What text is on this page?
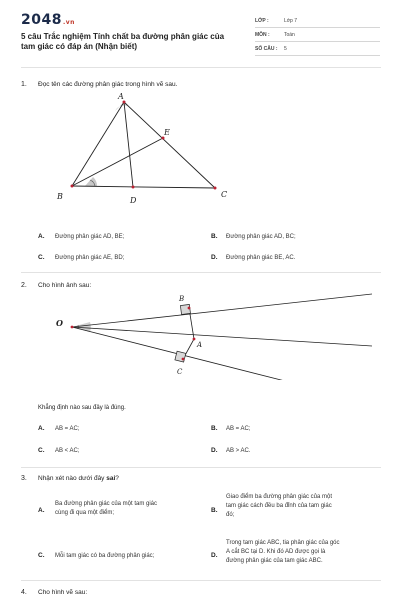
2048.vn
5 câu Trắc nghiệm Tính chất ba đường phân giác của tam giác có đáp án (Nhận biết)
LỚP :	Lớp 7
MÔN :	Toán
SỐ CÂU : 5
1. Đọc tên các đường phân giác trong hình vẽ sau.
A
B	C
D
E
A. Đường phân giác AD, BE;	B. Đường phân giác AD, BC;
C. Đường phân giác AE, BD;	D. Đường phân giác BE, AC.
2. Cho hình ảnh sau:
O
B
A
C
Khẳng định nào sau đây là đúng.
A. AB = AC;	B. AB = AC;
C. AB < AC;	D. AB > AC.
3. Nhận xét nào dưới đây sai?
A.
Ba đường phân giác của một tam giác
cùng đi qua một điểm;	B.
Giao điểm ba đường phân giác của một
tam giác cách đều ba đỉnh của tam giác
đó;
C. Mỗi tam giác có ba đường phân giác;	D.
Trong tam giác ABC, tia phân giác của góc
A cắt BC tại D. Khi đó AD được gọi là
đường phân giác của tam giác ABC.
4. Cho hình vẽ sau:
